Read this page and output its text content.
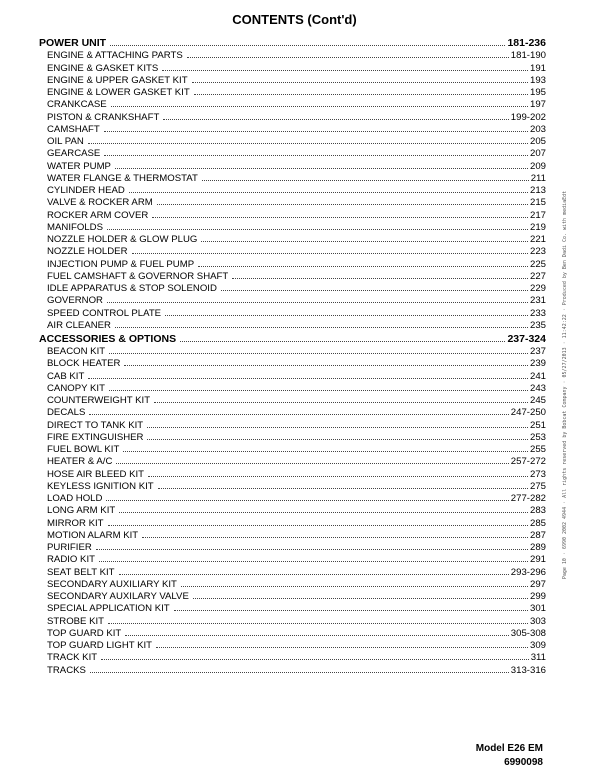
CONTENTS (Cont'd)
POWER UNIT	181-236
ENGINE & ATTACHING PARTS	181-190
ENGINE & GASKET KITS	191
ENGINE & UPPER GASKET KIT	193
ENGINE & LOWER GASKET KIT	195
CRANKCASE	197
PISTON & CRANKSHAFT	199-202
CAMSHAFT	203
OIL PAN	205
GEARCASE	207
WATER PUMP	209
WATER FLANGE & THERMOSTAT	211
CYLINDER HEAD	213
VALVE & ROCKER ARM	215
ROCKER ARM COVER	217
MANIFOLDS	219
NOZZLE HOLDER & GLOW PLUG	221
NOZZLE HOLDER	223
INJECTION PUMP & FUEL PUMP	225
FUEL CAMSHAFT & GOVERNOR SHAFT	227
IDLE APPARATUS & STOP SOLENOID	229
GOVERNOR	231
SPEED CONTROL PLATE	233
AIR CLEANER	235
ACCESSORIES & OPTIONS	237-324
BEACON KIT	237
BLOCK HEATER	239
CAB KIT	241
CANOPY KIT	243
COUNTERWEIGHT KIT	245
DECALS	247-250
DIRECT TO TANK KIT	251
FIRE EXTINGUISHER	253
FUEL BOWL KIT	255
HEATER & A/C	257-272
HOSE AIR BLEED KIT	273
KEYLESS IGNITION KIT	275
LOAD HOLD	277-282
LONG ARM KIT	283
MIRROR KIT	285
MOTION ALARM KIT	287
PURIFIER	289
RADIO KIT	291
SEAT BELT KIT	293-296
SECONDARY AUXILIARY KIT	297
SECONDARY AUXILARY VALVE	299
SPECIAL APPLICATION KIT	301
STROBE KIT	303
TOP GUARD KIT	305-308
TOP GUARD LIGHT KIT	309
TRACK KIT	311
TRACKS	313-316
Model E26 EM
6990098
Page 10 · 6990 2002 4944 · All rights reserved by Bobcat Company · 05/27/2013 · 11:42:22 · Produced by Ben Dadi Co. with mediaEdt
